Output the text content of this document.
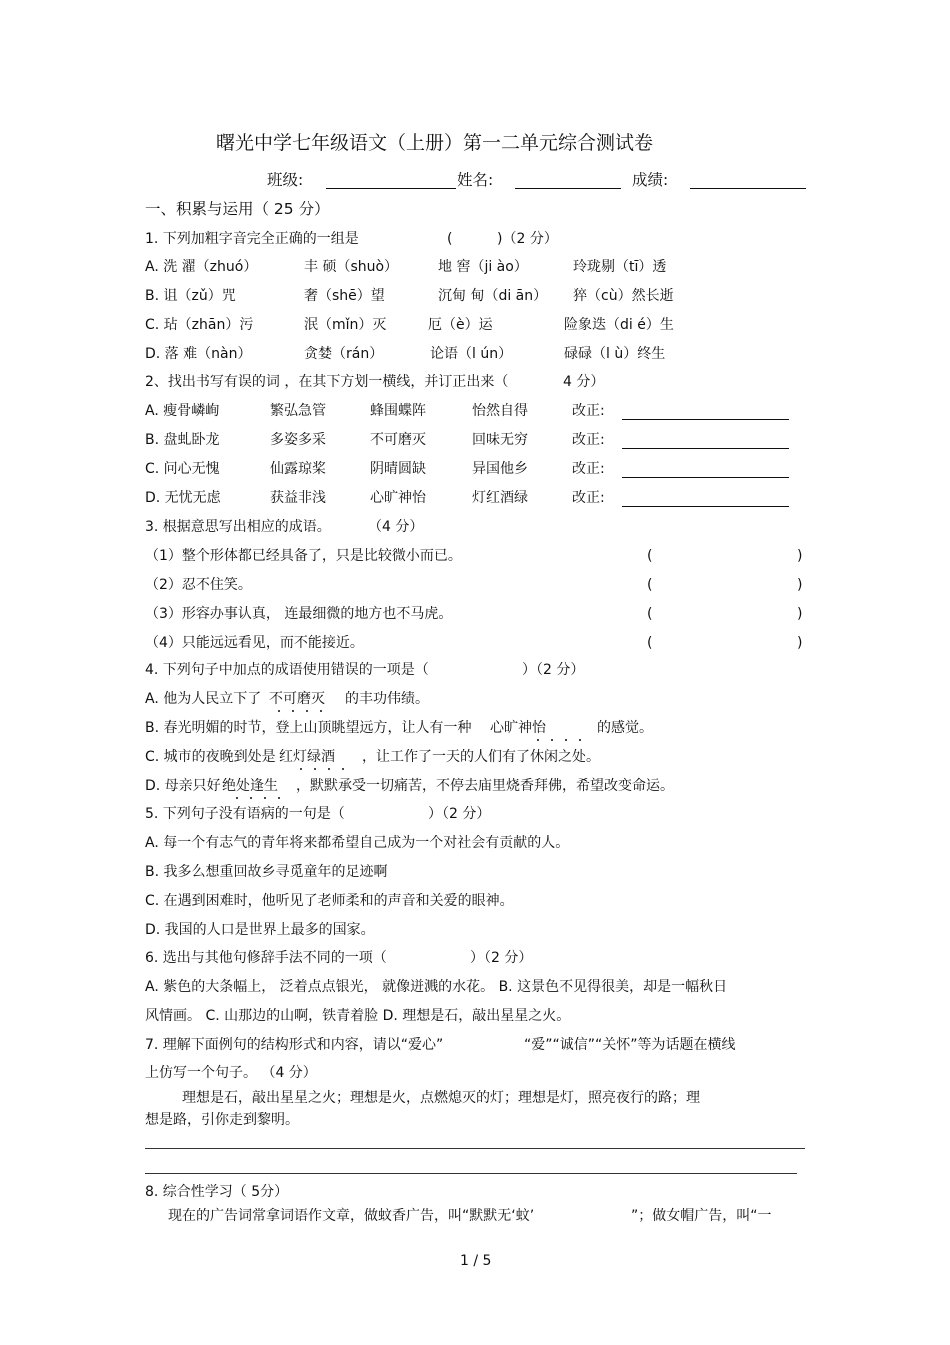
曙光中学七年级语文（上册）第一二单元综合测试卷
班级:	姓名:	成绩:
一、积累与运用（ 25 分）
1. 下列加粗字音完全正确的一组是	(	)（2 分）
A. 洗 濯（zhuó）	丰 硕（shuò）	地 窖（ji ào）	玲珑剔（tī）透
B. 诅（zǔ）咒	奢（shē）望	沉甸 甸（di ān） 猝（cù）然长逝
C. 玷（zhān）污	泯（mǐn）灭	厄（è）运	险象迭（di é）生
D. 落 难（nàn）	贪婪（rán）	论语（l ún）	碌碌（l ù）终生
2、找出书写有误的词 ，在其下方划一横线，并订正出来（	4 分）
A. 瘦骨嶙峋	繁弘急管	蜂围蝶阵	怡然自得	改正:
B. 盘虬卧龙	多姿多采	不可磨灭	回味无穷	改正:
C. 问心无愧	仙露琼桨	阴晴圆缺	异国他乡	改正:
D. 无忧无虑	获益非浅	心旷神怡	灯红酒绿	改正:
3. 根据意思写出相应的成语。	（4 分）
（1）整个形体都已经具备了，只是比较微小而已。	(	)
（2）忍不住笑。	(	)
（3）形容办事认真， 连最细微的地方也不马虎。	(	)
（4）只能远远看见，而不能接近。	(	)
4. 下列句子中加点的成语使用错误的一项是（	）（2 分）
A. 他为人民立下了 不可磨灭 的丰功伟绩。
B. 春光明媚的时节，登上山顶眺望远方，让人有一种 心旷神怡	的感觉。
C. 城市的夜晚到处是 红灯绿酒 ，让工作了一天的人们有了休闲之处。
D. 母亲只好 绝处逢生 ，默默承受一切痛苦，不停去庙里烧香拜佛，希望改变命运。
5. 下列句子没有语病的一句是（	）（2 分）
A. 每一个有志气的青年将来都希望自己成为一个对社会有贡献的人。
B. 我多么想重回故乡寻觅童年的足迹啊
C. 在遇到困难时，他听见了老师柔和的声音和关爱的眼神。
D. 我国的人口是世界上最多的国家。
6. 选出与其他句修辞手法不同的一项（	）（2 分）
A. 紫色的大条幅上， 泛着点点银光， 就像迸溅的水花。 B. 这景色不见得很美，却是一幅秋日
风情画。 C. 山那边的山啊，铁青着脸 D. 理想是石，敲出星星之火。
7. 理解下面例句的结构形式和内容，请以“爱心”	“爱”“诚信”“关怀”等为话题在横线
上仿写一个句子。 （4 分）
理想是石，敲出星星之火；理想是火，点燃熄灭的灯；理想是灯，照亮夜行的路；理
想是路，引你走到黎明。
8. 综合性学习（ 5分）
现在的广告词常拿词语作文章，做蚊香广告，叫“默默无‘蚊’	”；做女帽广告，叫“一
1 / 5
